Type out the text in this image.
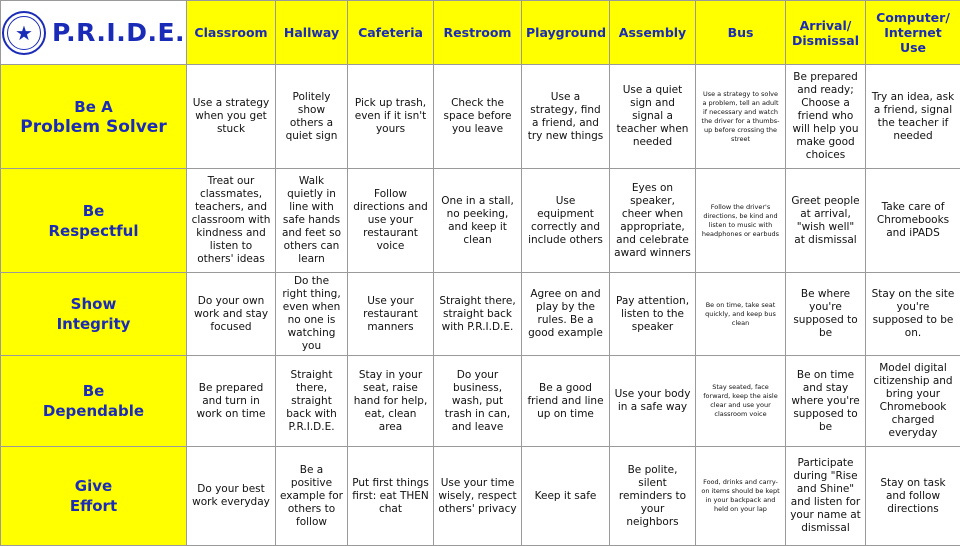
★ P.R.I.D.E.	Classroom	Hallway	Cafeteria	Restroom	Playground	Assembly	Bus	Arrival/ Dismissal	Computer/ Internet Use
Be A
Problem Solver	Use a strategy when you get stuck	Politely show others a quiet sign	Pick up trash, even if it isn't yours	Check the space before you leave	Use a strategy, find a friend, and try new things	Use a quiet sign and signal a teacher when needed	Use a strategy to solve a problem, tell an adult if necessary and watch the driver for a thumbs-up before crossing the street	Be prepared and ready; Choose a friend who will help you make good choices	Try an idea, ask a friend, signal the teacher if needed
Be
Respectful	Treat our classmates, teachers, and classroom with kindness and listen to others' ideas	Walk quietly in line with safe hands and feet so others can learn	Follow directions and use your restaurant voice	One in a stall, no peeking, and keep it clean	Use equipment correctly and include others	Eyes on speaker, cheer when appropriate, and celebrate award winners	Follow the driver's directions, be kind and listen to music with headphones or earbuds	Greet people at arrival, "wish well" at dismissal	Take care of Chromebooks and iPADS
Show
Integrity	Do your own work and stay focused	Do the right thing, even when no one is watching you	Use your restaurant manners	Straight there, straight back with P.R.I.D.E.	Agree on and play by the rules. Be a good example	Pay attention, listen to the speaker	Be on time, take seat quickly, and keep bus clean	Be where you're supposed to be	Stay on the site you're supposed to be on.
Be
Dependable	Be prepared and turn in work on time	Straight there, straight back with P.R.I.D.E.	Stay in your seat, raise hand for help, eat, clean area	Do your business, wash, put trash in can, and leave	Be a good friend and line up on time	Use your body in a safe way	Stay seated, face forward, keep the aisle clear and use your classroom voice	Be on time and stay where you're supposed to be	Model digital citizenship and bring your Chromebook charged everyday
Give
Effort	Do your best work everyday	Be a positive example for others to follow	Put first things first: eat THEN chat	Use your time wisely, respect others' privacy	Keep it safe	Be polite, silent reminders to your neighbors	Food, drinks and carry-on items should be kept in your backpack and held on your lap	Participate during "Rise and Shine" and listen for your name at dismissal	Stay on task and follow directions
